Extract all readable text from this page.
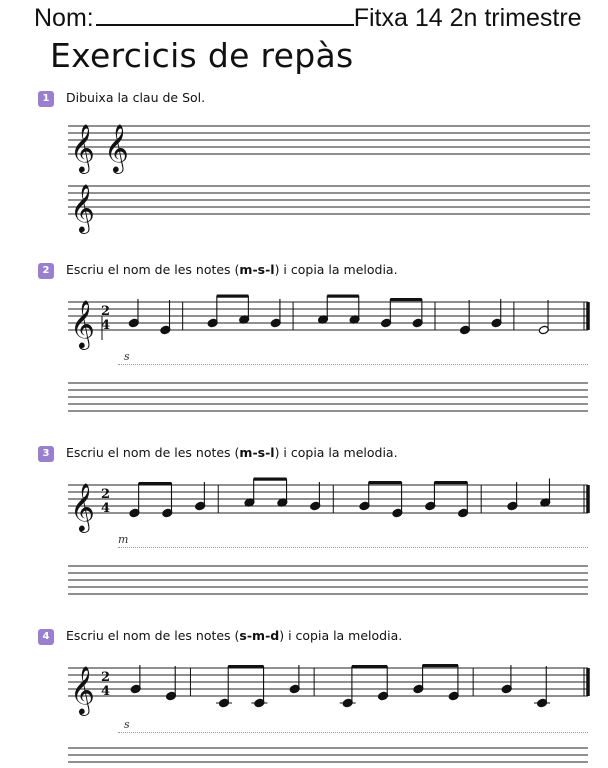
Nom:	Fitxa 14 2n trimestre
Exercicis de repàs
1 Dibuixa la clau de Sol.
2 Escriu el nom de les notes (m-s-l) i copia la melodia.
3 Escriu el nom de les notes (m-s-l) i copia la melodia.
4 Escriu el nom de les notes (s-m-d) i copia la melodia.
s
m
s
𝄞 𝄞
𝄞
𝄞 2
4
𝄞 2
4
𝄞 2
4
